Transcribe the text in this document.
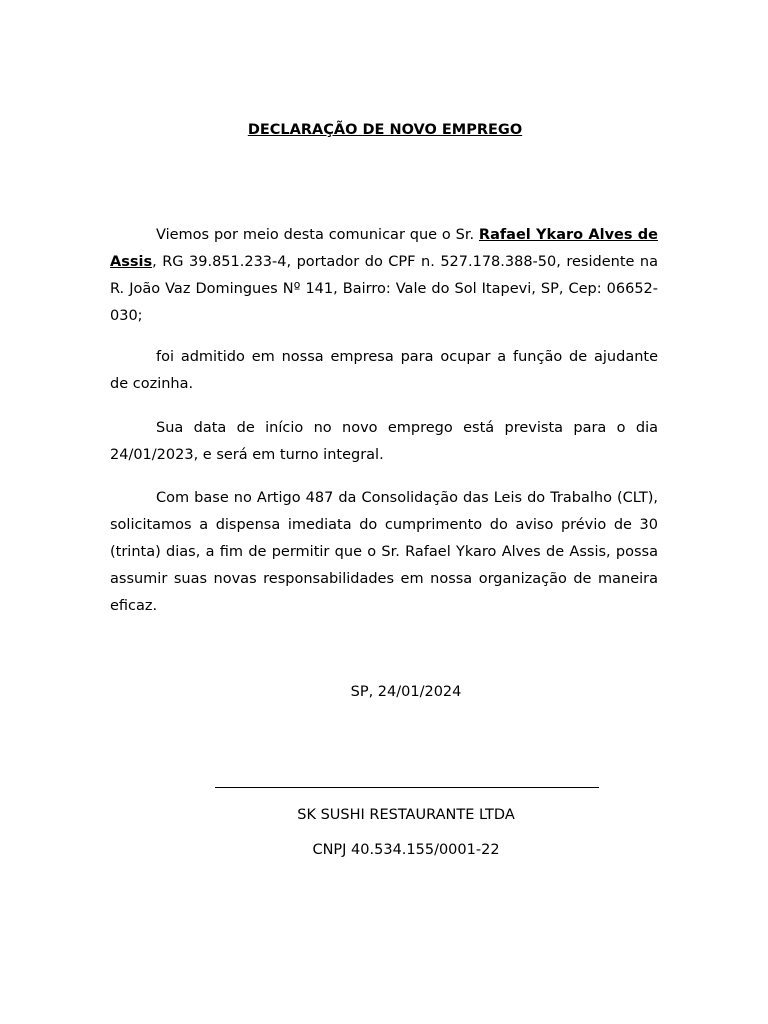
DECLARAÇÃO DE NOVO EMPREGO

Viemos por meio desta comunicar que o Sr. Rafael Ykaro Alves de Assis, RG 39.851.233-4, portador do CPF n. 527.178.388-50, residente na R. João Vaz Domingues Nº 141, Bairro: Vale do Sol Itapevi, SP, Cep: 06652-030;

foi admitido em nossa empresa para ocupar a função de ajudante de cozinha.

Sua data de início no novo emprego está prevista para o dia 24/01/2023, e será em turno integral.

Com base no Artigo 487 da Consolidação das Leis do Trabalho (CLT), solicitamos a dispensa imediata do cumprimento do aviso prévio de 30 (trinta) dias, a fim de permitir que o Sr. Rafael Ykaro Alves de Assis, possa assumir suas novas responsabilidades em nossa organização de maneira eficaz.

SP, 24/01/2024
SK SUSHI RESTAURANTE LTDA
CNPJ 40.534.155/0001-22
